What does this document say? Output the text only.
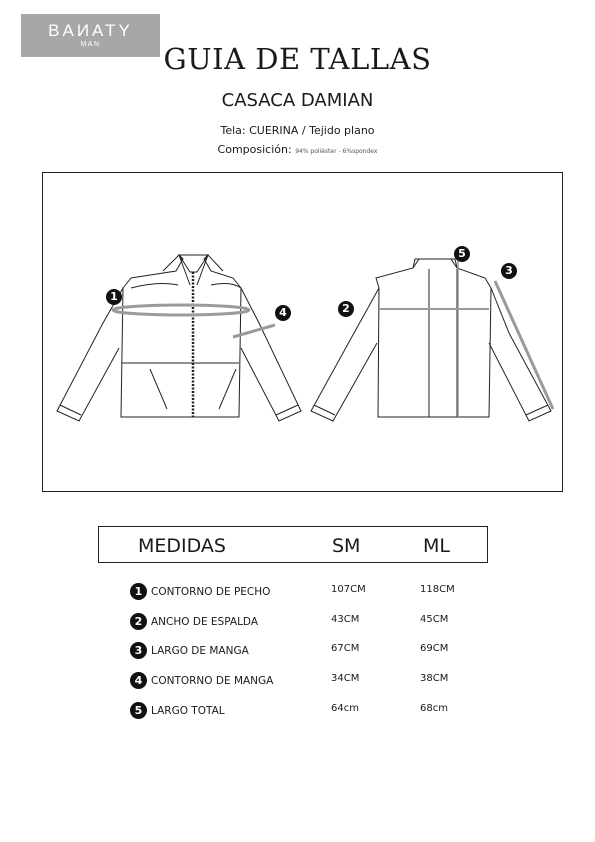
BAИATY
MAN	GUIA DE TALLAS
CASACA DAMIAN
Tela: CUERINA / Tejido plano
Composición: 94% poliéster - 6%spondex
1
2
3
4
5
MEDIDAS	SM	ML
1 CONTORNO DE PECHO	107CM	118CM
2 ANCHO DE ESPALDA	43CM	45CM
3 LARGO DE MANGA	67CM	69CM
4 CONTORNO DE MANGA	34CM	38CM
5 LARGO TOTAL	64cm	68cm
